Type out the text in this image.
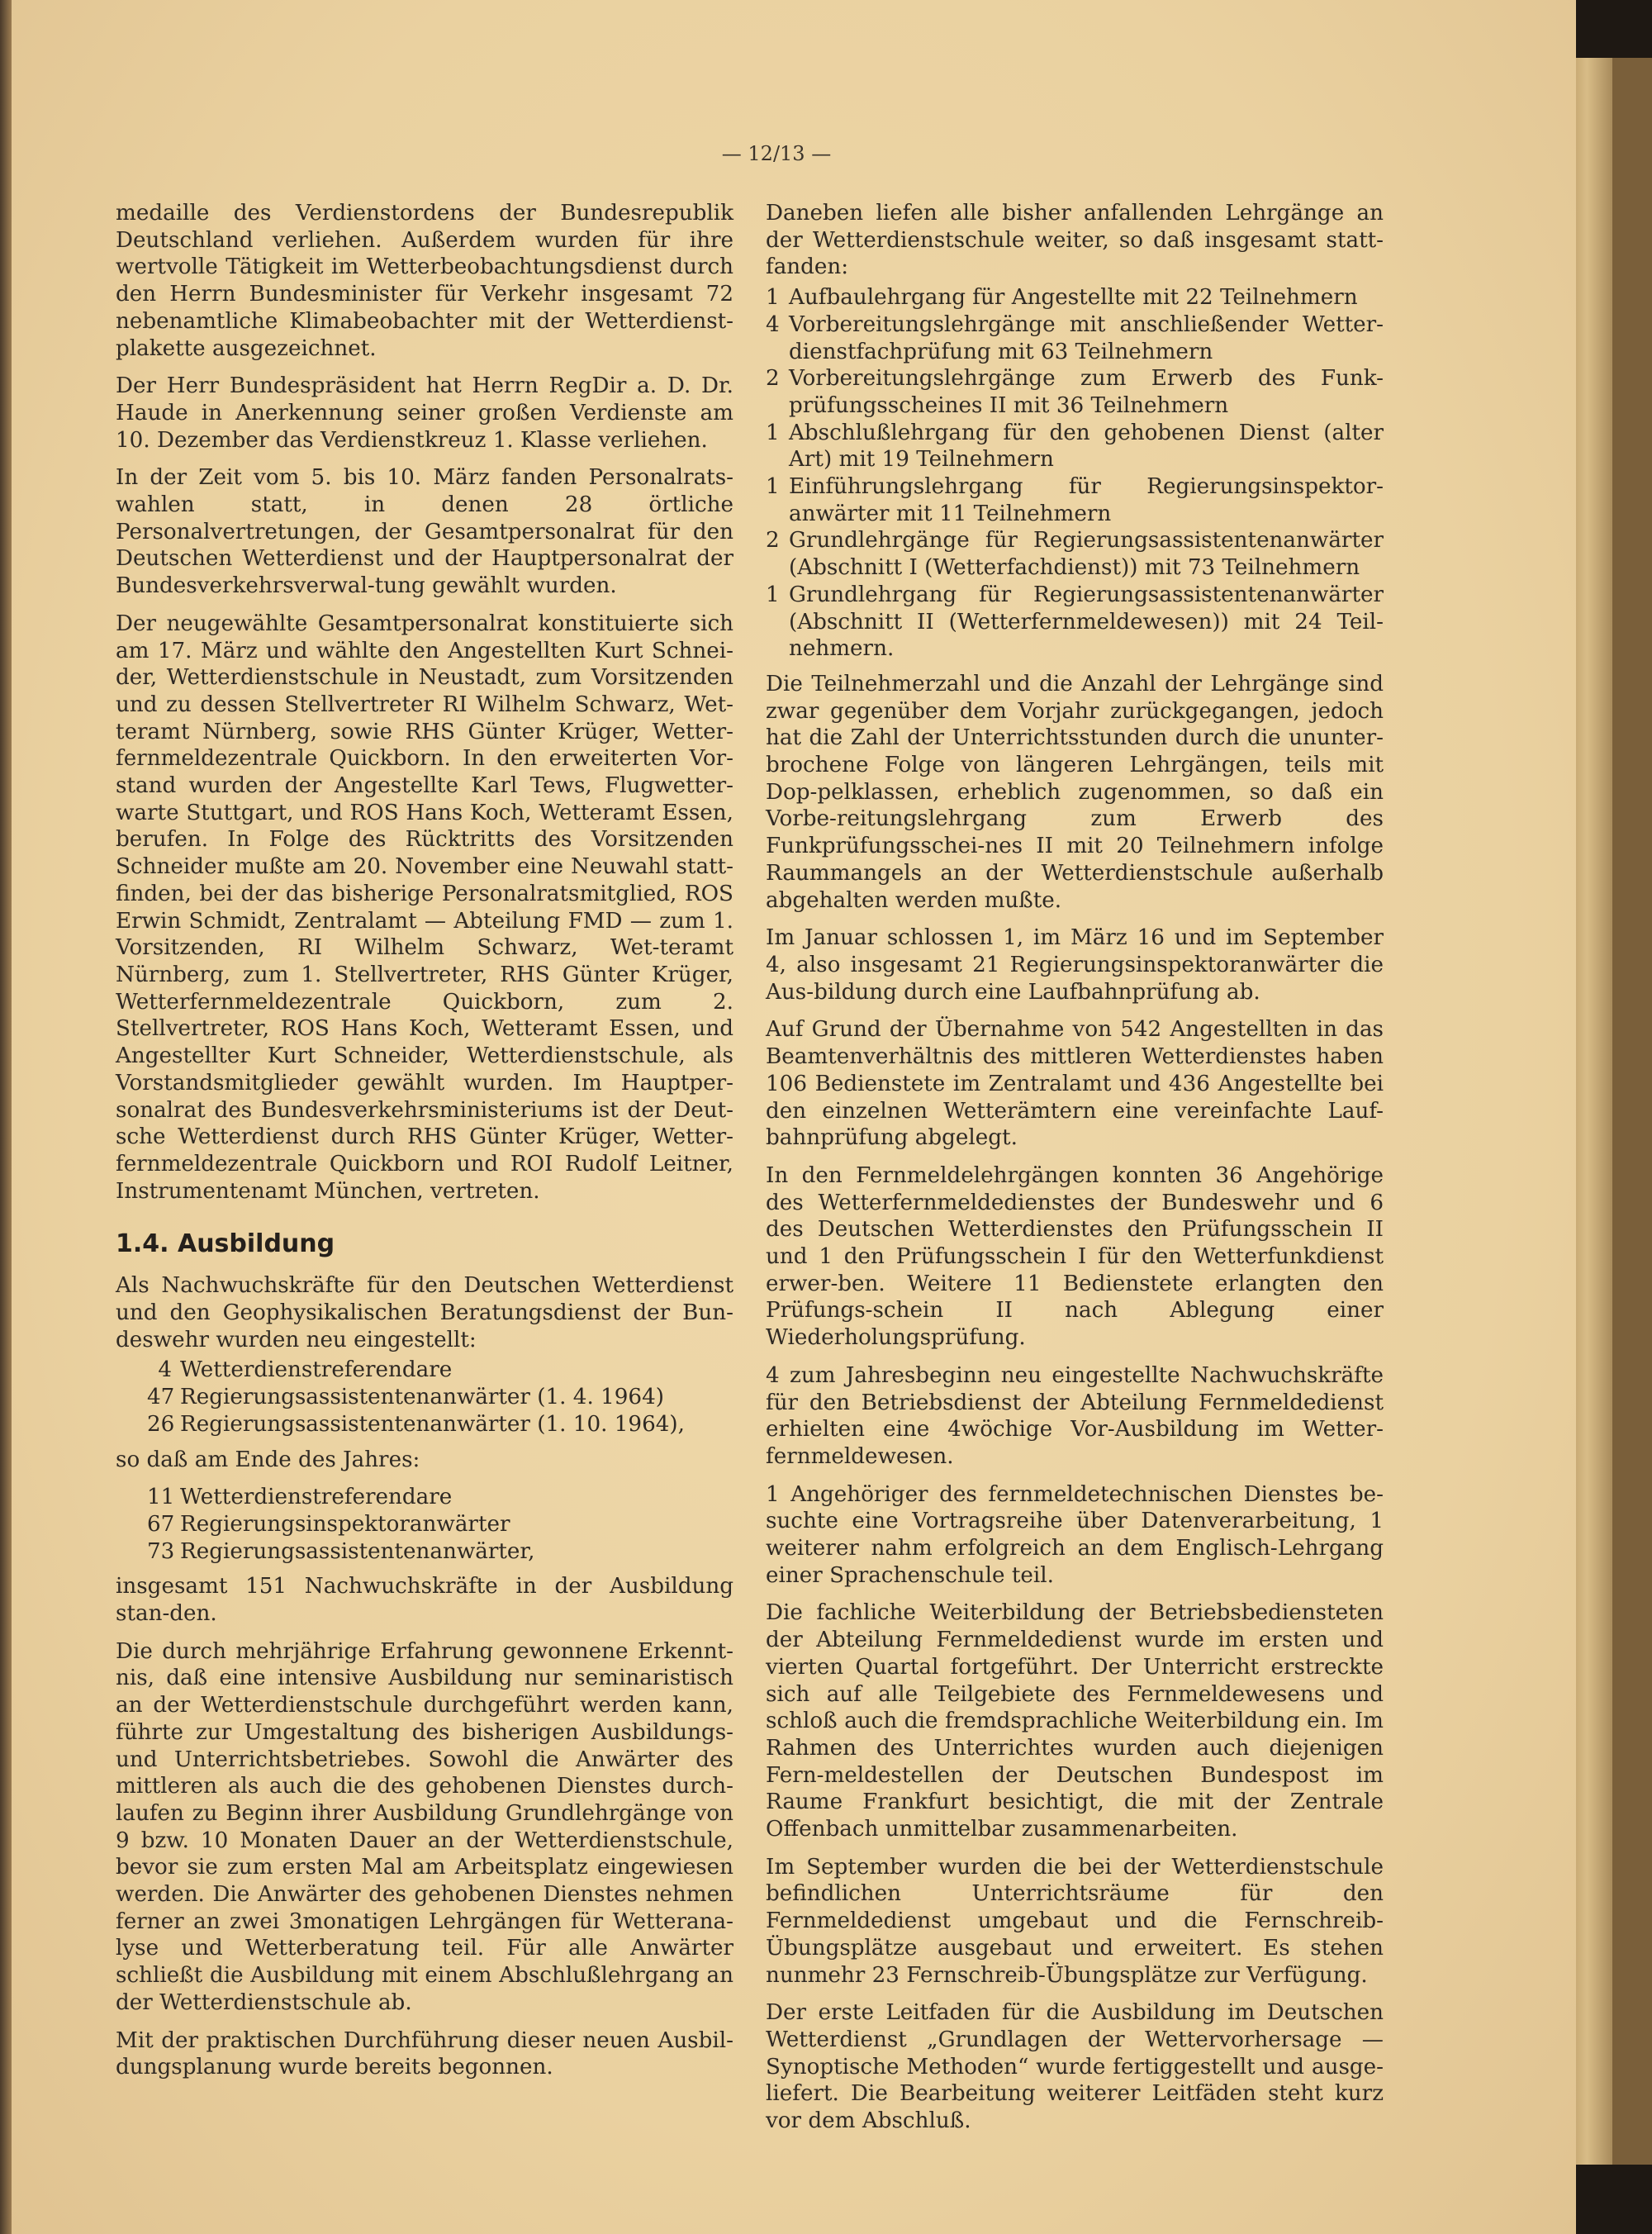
— 12/13 —

medaille des Verdienstordens der Bundesrepublik Deutschland verliehen. Außerdem wurden für ihre wertvolle Tätigkeit im Wetterbeobachtungsdienst durch den Herrn Bundesminister für Verkehr insgesamt 72 nebenamtliche Klimabeobachter mit der Wetterdienst-plakette ausgezeichnet.

Der Herr Bundespräsident hat Herrn RegDir a. D. Dr. Haude in Anerkennung seiner großen Verdienste am 10. Dezember das Verdienstkreuz 1. Klasse verliehen.

In der Zeit vom 5. bis 10. März fanden Personalrats-wahlen statt, in denen 28 örtliche Personalvertretungen, der Gesamtpersonalrat für den Deutschen Wetterdienst und der Hauptpersonalrat der Bundesverkehrsverwal-tung gewählt wurden.

Der neugewählte Gesamtpersonalrat konstituierte sich am 17. März und wählte den Angestellten Kurt Schnei-der, Wetterdienstschule in Neustadt, zum Vorsitzenden und zu dessen Stellvertreter RI Wilhelm Schwarz, Wet-teramt Nürnberg, sowie RHS Günter Krüger, Wetter-fernmeldezentrale Quickborn. In den erweiterten Vor-stand wurden der Angestellte Karl Tews, Flugwetter-warte Stuttgart, und ROS Hans Koch, Wetteramt Essen, berufen. In Folge des Rücktritts des Vorsitzenden Schneider mußte am 20. November eine Neuwahl statt-finden, bei der das bisherige Personalratsmitglied, ROS Erwin Schmidt, Zentralamt — Abteilung FMD — zum 1. Vorsitzenden, RI Wilhelm Schwarz, Wet-teramt Nürnberg, zum 1. Stellvertreter, RHS Günter Krüger, Wetterfernmeldezentrale Quickborn, zum 2. Stellvertreter, ROS Hans Koch, Wetteramt Essen, und Angestellter Kurt Schneider, Wetterdienstschule, als Vorstandsmitglieder gewählt wurden. Im Hauptper-sonalrat des Bundesverkehrsministeriums ist der Deut-sche Wetterdienst durch RHS Günter Krüger, Wetter-fernmeldezentrale Quickborn und ROI Rudolf Leitner, Instrumentenamt München, vertreten.

1.4. Ausbildung

Als Nachwuchskräfte für den Deutschen Wetterdienst und den Geophysikalischen Beratungsdienst der Bun-deswehr wurden neu eingestellt:

4 Wetterdienstreferendare
47 Regierungsassistentenanwärter (1. 4. 1964)
26 Regierungsassistentenanwärter (1. 10. 1964),

so daß am Ende des Jahres:

11 Wetterdienstreferendare
67 Regierungsinspektoranwärter
73 Regierungsassistentenanwärter,

insgesamt 151 Nachwuchskräfte in der Ausbildung stan-den.

Die durch mehrjährige Erfahrung gewonnene Erkennt-nis, daß eine intensive Ausbildung nur seminaristisch an der Wetterdienstschule durchgeführt werden kann, führte zur Umgestaltung des bisherigen Ausbildungs- und Unterrichtsbetriebes. Sowohl die Anwärter des mittleren als auch die des gehobenen Dienstes durch-laufen zu Beginn ihrer Ausbildung Grundlehrgänge von 9 bzw. 10 Monaten Dauer an der Wetterdienstschule, bevor sie zum ersten Mal am Arbeitsplatz eingewiesen werden. Die Anwärter des gehobenen Dienstes nehmen ferner an zwei 3monatigen Lehrgängen für Wetterana-lyse und Wetterberatung teil. Für alle Anwärter schließt die Ausbildung mit einem Abschlußlehrgang an der Wetterdienstschule ab.

Mit der praktischen Durchführung dieser neuen Ausbil-dungsplanung wurde bereits begonnen.

Daneben liefen alle bisher anfallenden Lehrgänge an der Wetterdienstschule weiter, so daß insgesamt statt-fanden:

1 Aufbaulehrgang für Angestellte mit 22 Teilnehmern
4 Vorbereitungslehrgänge mit anschließender Wetter-dienstfachprüfung mit 63 Teilnehmern
2 Vorbereitungslehrgänge zum Erwerb des Funk-prüfungsscheines II mit 36 Teilnehmern
1 Abschlußlehrgang für den gehobenen Dienst (alter Art) mit 19 Teilnehmern
1 Einführungslehrgang für Regierungsinspektor-anwärter mit 11 Teilnehmern
2 Grundlehrgänge für Regierungsassistentenanwärter (Abschnitt I (Wetterfachdienst)) mit 73 Teilnehmern
1 Grundlehrgang für Regierungsassistentenanwärter (Abschnitt II (Wetterfernmeldewesen)) mit 24 Teil-nehmern.

Die Teilnehmerzahl und die Anzahl der Lehrgänge sind zwar gegenüber dem Vorjahr zurückgegangen, jedoch hat die Zahl der Unterrichtsstunden durch die ununter-brochene Folge von längeren Lehrgängen, teils mit Dop-pelklassen, erheblich zugenommen, so daß ein Vorbe-reitungslehrgang zum Erwerb des Funkprüfungsschei-nes II mit 20 Teilnehmern infolge Raummangels an der Wetterdienstschule außerhalb abgehalten werden mußte.

Im Januar schlossen 1, im März 16 und im September 4, also insgesamt 21 Regierungsinspektoranwärter die Aus-bildung durch eine Laufbahnprüfung ab.

Auf Grund der Übernahme von 542 Angestellten in das Beamtenverhältnis des mittleren Wetterdienstes haben 106 Bedienstete im Zentralamt und 436 Angestellte bei den einzelnen Wetterämtern eine vereinfachte Lauf-bahnprüfung abgelegt.

In den Fernmeldelehrgängen konnten 36 Angehörige des Wetterfernmeldedienstes der Bundeswehr und 6 des Deutschen Wetterdienstes den Prüfungsschein II und 1 den Prüfungsschein I für den Wetterfunkdienst erwer-ben. Weitere 11 Bedienstete erlangten den Prüfungs-schein II nach Ablegung einer Wiederholungsprüfung.

4 zum Jahresbeginn neu eingestellte Nachwuchskräfte für den Betriebsdienst der Abteilung Fernmeldedienst erhielten eine 4wöchige Vor-Ausbildung im Wetter-fernmeldewesen.

1 Angehöriger des fernmeldetechnischen Dienstes be-suchte eine Vortragsreihe über Datenverarbeitung, 1 weiterer nahm erfolgreich an dem Englisch-Lehrgang einer Sprachenschule teil.

Die fachliche Weiterbildung der Betriebsbediensteten der Abteilung Fernmeldedienst wurde im ersten und vierten Quartal fortgeführt. Der Unterricht erstreckte sich auf alle Teilgebiete des Fernmeldewesens und schloß auch die fremdsprachliche Weiterbildung ein. Im Rahmen des Unterrichtes wurden auch diejenigen Fern-meldestellen der Deutschen Bundespost im Raume Frankfurt besichtigt, die mit der Zentrale Offenbach unmittelbar zusammenarbeiten.

Im September wurden die bei der Wetterdienstschule befindlichen Unterrichtsräume für den Fernmeldedienst umgebaut und die Fernschreib-Übungsplätze ausgebaut und erweitert. Es stehen nunmehr 23 Fernschreib-Übungsplätze zur Verfügung.

Der erste Leitfaden für die Ausbildung im Deutschen Wetterdienst „Grundlagen der Wettervorhersage — Synoptische Methoden“ wurde fertiggestellt und ausge-liefert. Die Bearbeitung weiterer Leitfäden steht kurz vor dem Abschluß.
